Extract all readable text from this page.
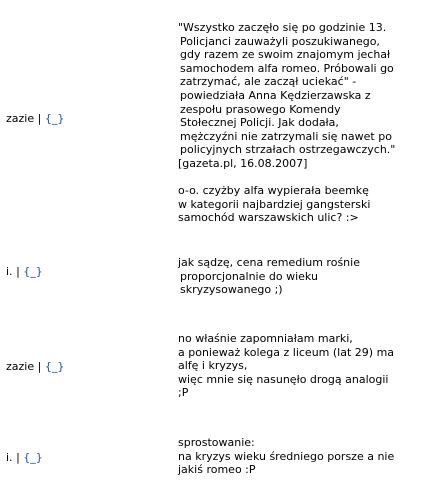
zazie | {_}
"Wszystko zaczęło się po godzinie 13.
Policjanci zauważyli poszukiwanego,
gdy razem ze swoim znajomym jechał
samochodem alfa romeo. Próbowali go
zatrzymać, ale zaczął uciekać" -
powiedziała Anna Kędzierzawska z
zespołu prasowego Komendy
Stołecznej Policji. Jak dodała,
mężczyźni nie zatrzymali się nawet po
policyjnych strzałach ostrzegawczych."
[gazeta.pl, 16.08.2007]
o-o. czyżby alfa wypierała beemkę
w kategorii najbardziej gangsterski
samochód warszawskich ulic? :>
i. | {_}
jak sądzę, cena remedium rośnie
proporcjonalnie do wieku
skryzysowanego ;)
zazie | {_}
no właśnie zapomniałam marki,
a ponieważ kolega z liceum (lat 29) ma
alfę i kryzys,
więc mnie się nasunęło drogą analogii
;P
i. | {_}
sprostowanie:
na kryzys wieku średniego porsze a nie
jakiś romeo :P
